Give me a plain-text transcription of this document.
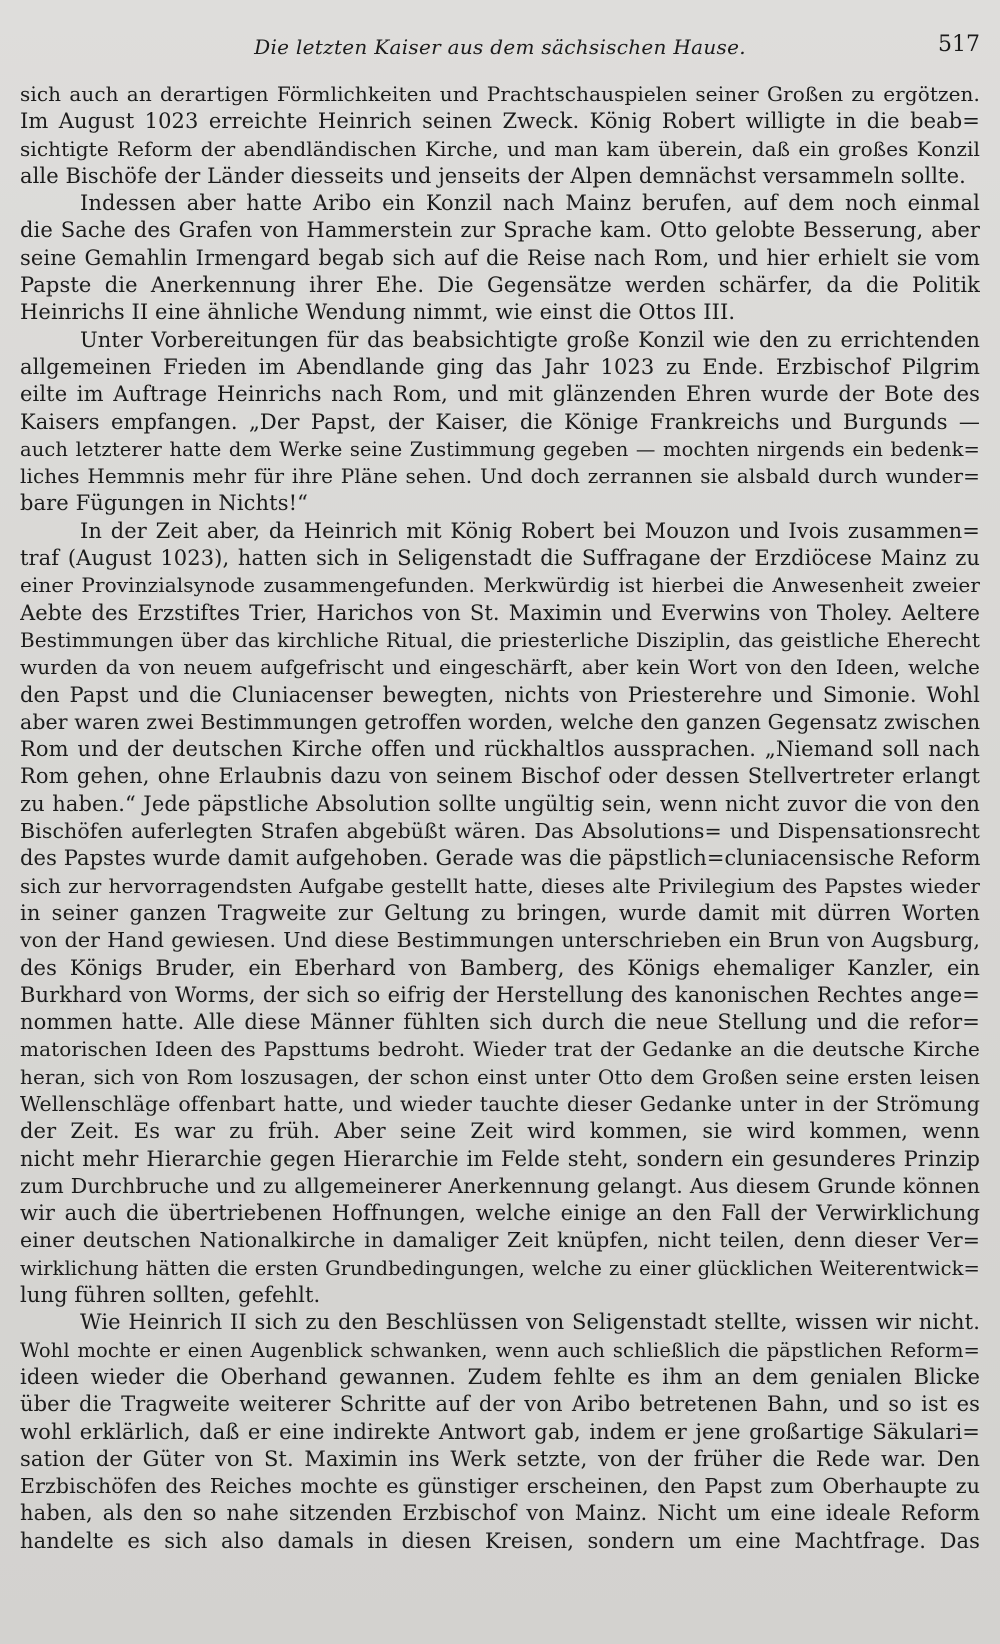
Die letzten Kaiser aus dem sächsischen Hause.	517
sich auch an derartigen Förmlichkeiten und Prachtschauspielen seiner Großen zu ergötzen.
Im August 1023 erreichte Heinrich seinen Zweck. König Robert willigte in die beab=
sichtigte Reform der abendländischen Kirche, und man kam überein, daß ein großes Konzil
alle Bischöfe der Länder diesseits und jenseits der Alpen demnächst versammeln sollte.
Indessen aber hatte Aribo ein Konzil nach Mainz berufen, auf dem noch einmal
die Sache des Grafen von Hammerstein zur Sprache kam. Otto gelobte Besserung, aber
seine Gemahlin Irmengard begab sich auf die Reise nach Rom, und hier erhielt sie vom
Papste die Anerkennung ihrer Ehe. Die Gegensätze werden schärfer, da die Politik
Heinrichs II eine ähnliche Wendung nimmt, wie einst die Ottos III.
Unter Vorbereitungen für das beabsichtigte große Konzil wie den zu errichtenden
allgemeinen Frieden im Abendlande ging das Jahr 1023 zu Ende. Erzbischof Pilgrim
eilte im Auftrage Heinrichs nach Rom, und mit glänzenden Ehren wurde der Bote des
Kaisers empfangen. „Der Papst, der Kaiser, die Könige Frankreichs und Burgunds —
auch letzterer hatte dem Werke seine Zustimmung gegeben — mochten nirgends ein bedenk=
liches Hemmnis mehr für ihre Pläne sehen. Und doch zerrannen sie alsbald durch wunder=
bare Fügungen in Nichts!“
In der Zeit aber, da Heinrich mit König Robert bei Mouzon und Ivois zusammen=
traf (August 1023), hatten sich in Seligenstadt die Suffragane der Erzdiöcese Mainz zu
einer Provinzialsynode zusammengefunden. Merkwürdig ist hierbei die Anwesenheit zweier
Aebte des Erzstiftes Trier, Harichos von St. Maximin und Everwins von Tholey. Aeltere
Bestimmungen über das kirchliche Ritual, die priesterliche Disziplin, das geistliche Eherecht
wurden da von neuem aufgefrischt und eingeschärft, aber kein Wort von den Ideen, welche
den Papst und die Cluniacenser bewegten, nichts von Priesterehre und Simonie. Wohl
aber waren zwei Bestimmungen getroffen worden, welche den ganzen Gegensatz zwischen
Rom und der deutschen Kirche offen und rückhaltlos aussprachen. „Niemand soll nach
Rom gehen, ohne Erlaubnis dazu von seinem Bischof oder dessen Stellvertreter erlangt
zu haben.“ Jede päpstliche Absolution sollte ungültig sein, wenn nicht zuvor die von den
Bischöfen auferlegten Strafen abgebüßt wären. Das Absolutions= und Dispensationsrecht
des Papstes wurde damit aufgehoben. Gerade was die päpstlich=cluniacensische Reform
sich zur hervorragendsten Aufgabe gestellt hatte, dieses alte Privilegium des Papstes wieder
in seiner ganzen Tragweite zur Geltung zu bringen, wurde damit mit dürren Worten
von der Hand gewiesen. Und diese Bestimmungen unterschrieben ein Brun von Augsburg,
des Königs Bruder, ein Eberhard von Bamberg, des Königs ehemaliger Kanzler, ein
Burkhard von Worms, der sich so eifrig der Herstellung des kanonischen Rechtes ange=
nommen hatte. Alle diese Männer fühlten sich durch die neue Stellung und die refor=
matorischen Ideen des Papsttums bedroht. Wieder trat der Gedanke an die deutsche Kirche
heran, sich von Rom loszusagen, der schon einst unter Otto dem Großen seine ersten leisen
Wellenschläge offenbart hatte, und wieder tauchte dieser Gedanke unter in der Strömung
der Zeit. Es war zu früh. Aber seine Zeit wird kommen, sie wird kommen, wenn
nicht mehr Hierarchie gegen Hierarchie im Felde steht, sondern ein gesunderes Prinzip
zum Durchbruche und zu allgemeinerer Anerkennung gelangt. Aus diesem Grunde können
wir auch die übertriebenen Hoffnungen, welche einige an den Fall der Verwirklichung
einer deutschen Nationalkirche in damaliger Zeit knüpfen, nicht teilen, denn dieser Ver=
wirklichung hätten die ersten Grundbedingungen, welche zu einer glücklichen Weiterentwick=
lung führen sollten, gefehlt.
Wie Heinrich II sich zu den Beschlüssen von Seligenstadt stellte, wissen wir nicht.
Wohl mochte er einen Augenblick schwanken, wenn auch schließlich die päpstlichen Reform=
ideen wieder die Oberhand gewannen. Zudem fehlte es ihm an dem genialen Blicke
über die Tragweite weiterer Schritte auf der von Aribo betretenen Bahn, und so ist es
wohl erklärlich, daß er eine indirekte Antwort gab, indem er jene großartige Säkulari=
sation der Güter von St. Maximin ins Werk setzte, von der früher die Rede war. Den
Erzbischöfen des Reiches mochte es günstiger erscheinen, den Papst zum Oberhaupte zu
haben, als den so nahe sitzenden Erzbischof von Mainz. Nicht um eine ideale Reform
handelte es sich also damals in diesen Kreisen, sondern um eine Machtfrage. Das
